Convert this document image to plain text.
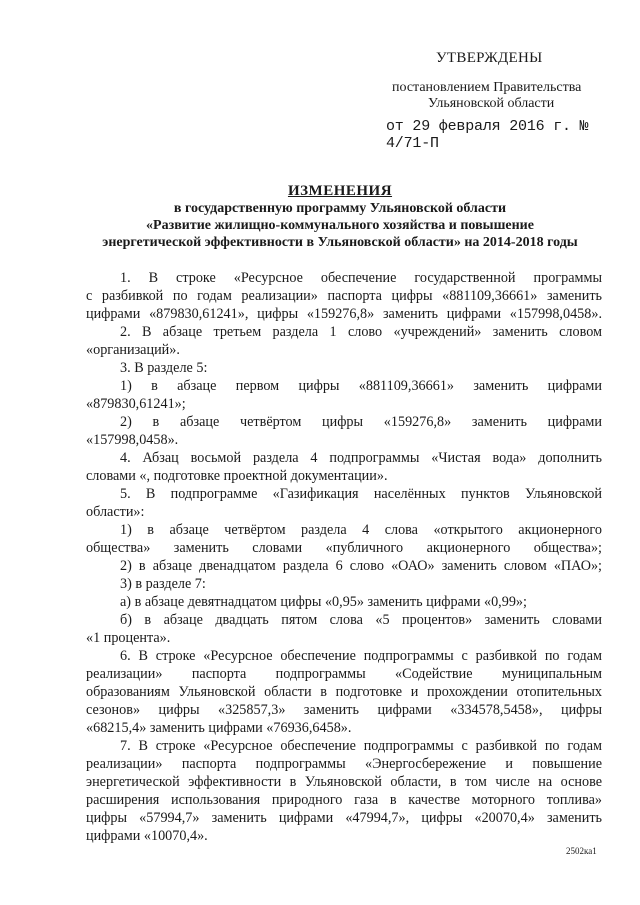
УТВЕРЖДЕНЫ
постановлением Правительства
Ульяновской области
от 29 февраля 2016 г. № 4/71-П
ИЗМЕНЕНИЯ
в государственную программу Ульяновской области
«Развитие жилищно-коммунального хозяйства и повышение
энергетической эффективности в Ульяновской области» на 2014-2018 годы
1. В строке «Ресурсное обеспечение государственной программы
с разбивкой по годам реализации» паспорта цифры «881109,36661» заменить
цифрами «879830,61241», цифры «159276,8» заменить цифрами «157998,0458».
2. В абзаце третьем раздела 1 слово «учреждений» заменить словом
«организаций».
3. В разделе 5:
1) в абзаце первом цифры «881109,36661» заменить цифрами
«879830,61241»;
2) в абзаце четвёртом цифры «159276,8» заменить цифрами
«157998,0458».
4. Абзац восьмой раздела 4 подпрограммы «Чистая вода» дополнить
словами «, подготовке проектной документации».
5. В подпрограмме «Газификация населённых пунктов Ульяновской
области»:
1) в абзаце четвёртом раздела 4 слова «открытого акционерного
общества» заменить словами «публичного акционерного общества»;
2) в абзаце двенадцатом раздела 6 слово «ОАО» заменить словом «ПАО»;
3) в разделе 7:
а) в абзаце девятнадцатом цифры «0,95» заменить цифрами «0,99»;
б) в абзаце двадцать пятом слова «5 процентов» заменить словами
«1 процента».
6. В строке «Ресурсное обеспечение подпрограммы с разбивкой по годам
реализации» паспорта подпрограммы «Содействие муниципальным
образованиям Ульяновской области в подготовке и прохождении отопительных
сезонов» цифры «325857,3» заменить цифрами «334578,5458», цифры
«68215,4» заменить цифрами «76936,6458».
7. В строке «Ресурсное обеспечение подпрограммы с разбивкой по годам
реализации» паспорта подпрограммы «Энергосбережение и повышение
энергетической эффективности в Ульяновской области, в том числе на основе
расширения использования природного газа в качестве моторного топлива»
цифры «57994,7» заменить цифрами «47994,7», цифры «20070,4» заменить
цифрами «10070,4».
2502ка1
